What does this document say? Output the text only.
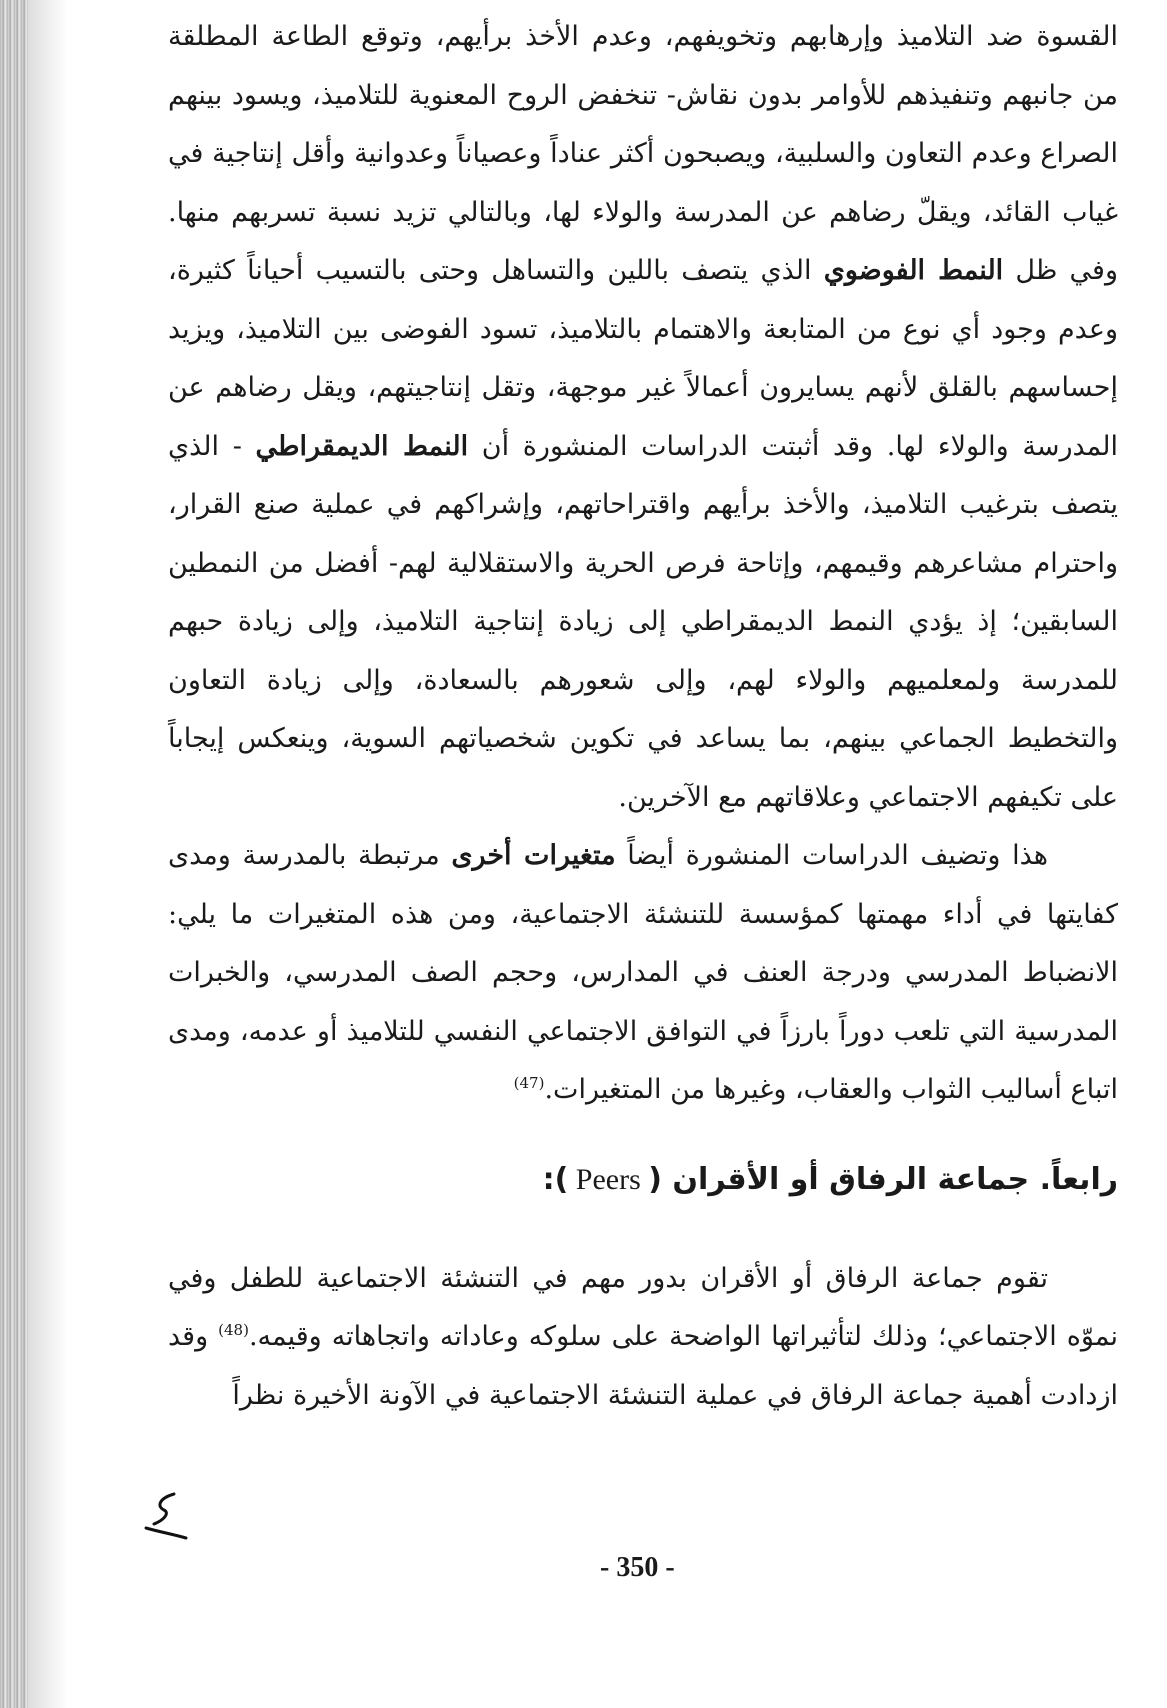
القسوة ضد التلاميذ وإرهابهم وتخويفهم، وعدم الأخذ برأيهم، وتوقع الطاعة المطلقة من جانبهم وتنفيذهم للأوامر بدون نقاش- تنخفض الروح المعنوية للتلاميذ، ويسود بينهم الصراع وعدم التعاون والسلبية، ويصبحون أكثر عناداً وعصياناً وعدوانية وأقل إنتاجية في غياب القائد، ويقلّ رضاهم عن المدرسة والولاء لها، وبالتالي تزيد نسبة تسربهم منها. وفي ظل النمط الفوضوي الذي يتصف باللين والتساهل وحتى بالتسيب أحياناً كثيرة، وعدم وجود أي نوع من المتابعة والاهتمام بالتلاميذ، تسود الفوضى بين التلاميذ، ويزيد إحساسهم بالقلق لأنهم يسايرون أعمالاً غير موجهة، وتقل إنتاجيتهم، ويقل رضاهم عن المدرسة والولاء لها. وقد أثبتت الدراسات المنشورة أن النمط الديمقراطي - الذي يتصف بترغيب التلاميذ، والأخذ برأيهم واقتراحاتهم، وإشراكهم في عملية صنع القرار، واحترام مشاعرهم وقيمهم، وإتاحة فرص الحرية والاستقلالية لهم- أفضل من النمطين السابقين؛ إذ يؤدي النمط الديمقراطي إلى زيادة إنتاجية التلاميذ، وإلى زيادة حبهم للمدرسة ولمعلميهم والولاء لهم، وإلى شعورهم بالسعادة، وإلى زيادة التعاون والتخطيط الجماعي بينهم، بما يساعد في تكوين شخصياتهم السوية، وينعكس إيجاباً على تكيفهم الاجتماعي وعلاقاتهم مع الآخرين.

هذا وتضيف الدراسات المنشورة أيضاً متغيرات أخرى مرتبطة بالمدرسة ومدى كفايتها في أداء مهمتها كمؤسسة للتنشئة الاجتماعية، ومن هذه المتغيرات ما يلي: الانضباط المدرسي ودرجة العنف في المدارس، وحجم الصف المدرسي، والخبرات المدرسية التي تلعب دوراً بارزاً في التوافق الاجتماعي النفسي للتلاميذ أو عدمه، ومدى اتباع أساليب الثواب والعقاب، وغيرها من المتغيرات.$^{(47)}$

رابعاً. جماعة الرفاق أو الأقران ( Peers ):

تقوم جماعة الرفاق أو الأقران بدور مهم في التنشئة الاجتماعية للطفل وفي نموّه الاجتماعي؛ وذلك لتأثيراتها الواضحة على سلوكه وعاداته واتجاهاته وقيمه.$^{(48)}$ وقد ازدادت أهمية جماعة الرفاق في عملية التنشئة الاجتماعية في الآونة الأخيرة نظراً

- 350 -
